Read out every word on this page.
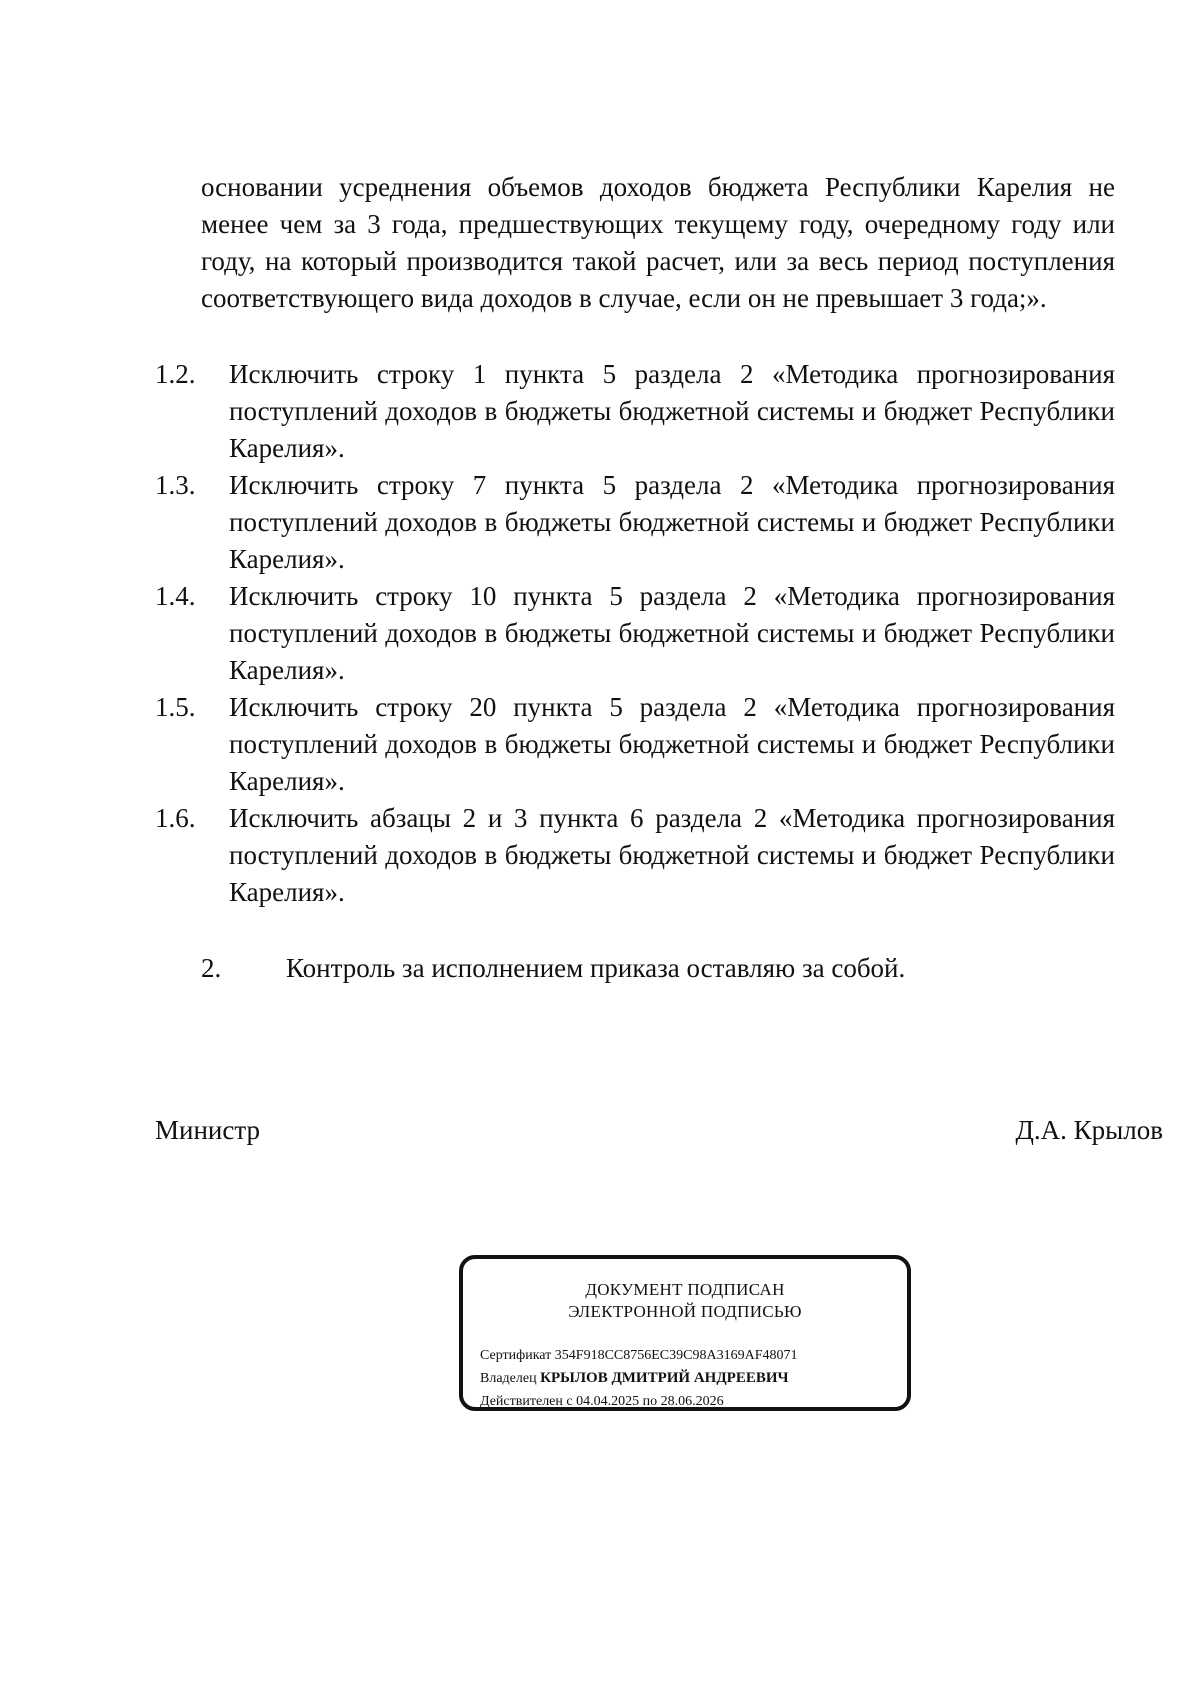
основании усреднения объемов доходов бюджета Республики Карелия не менее чем за 3 года, предшествующих текущему году, очередному году или году, на который производится такой расчет, или за весь период поступления соответствующего вида доходов в случае, если он не превышает 3 года;».

1.2.	Исключить строку 1 пункта 5 раздела 2 «Методика прогнозирования поступлений доходов в бюджеты бюджетной системы и бюджет Республики Карелия».
1.3.	Исключить строку 7 пункта 5 раздела 2 «Методика прогнозирования поступлений доходов в бюджеты бюджетной системы и бюджет Республики Карелия».
1.4.	Исключить строку 10 пункта 5 раздела 2 «Методика прогнозирования поступлений доходов в бюджеты бюджетной системы и бюджет Республики Карелия».
1.5.	Исключить строку 20 пункта 5 раздела 2 «Методика прогнозирования поступлений доходов в бюджеты бюджетной системы и бюджет Республики Карелия».
1.6.	Исключить абзацы 2 и 3 пункта 6 раздела 2 «Методика прогнозирования поступлений доходов в бюджеты бюджетной системы и бюджет Республики Карелия».
2.	Контроль за исполнением приказа оставляю за собой.
Министр	Д.А. Крылов
ДОКУМЕНТ ПОДПИСАН
ЭЛЕКТРОННОЙ ПОДПИСЬЮ
Сертификат 354F918CC8756EC39C98A3169AF48071
Владелец КРЫЛОВ ДМИТРИЙ АНДРЕЕВИЧ
Действителен с 04.04.2025 по 28.06.2026
